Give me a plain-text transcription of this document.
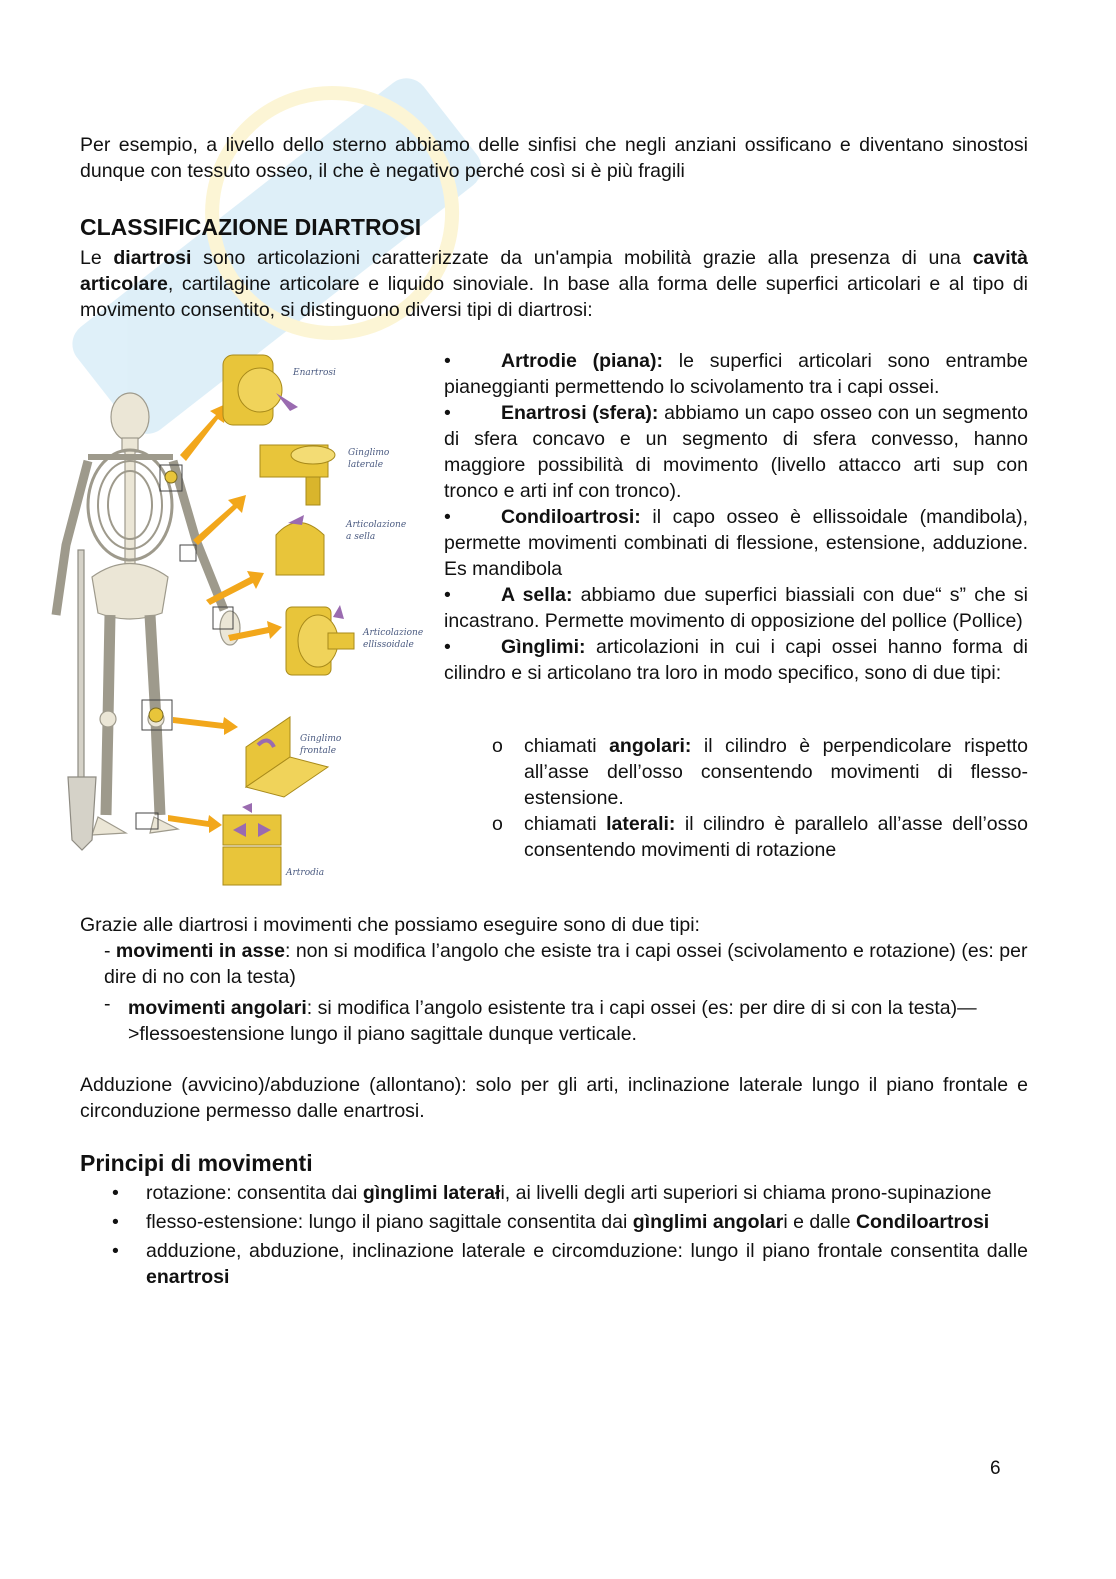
Per esempio, a livello dello sterno abbiamo delle sinfisi che negli anziani ossificano e diventano sinostosi dunque con tessuto osseo, il che è negativo perché così si è più fragili

CLASSIFICAZIONE DIARTROSI

Le diartrosi sono articolazioni caratterizzate da un'ampia mobilità grazie alla presenza di una cavità articolare, cartilagine articolare e liquido sinoviale. In base alla forma delle superfici articolari e al tipo di movimento consentito, si distinguono diversi tipi di diartrosi:

Enartrosi
Ginglimo
laterale
Articolazione
a sella
Articolazione
ellissoidale
Ginglimo
frontale
Artrodia
•	Artrodie (piana): le superfici articolari sono entrambe pianeggianti permettendo lo scivolamento tra i capi ossei.
•	Enartrosi (sfera): abbiamo un capo osseo con un segmento di sfera concavo e un segmento di sfera convesso, hanno maggiore possibilità di movimento (livello attacco arti sup con tronco e arti inf con tronco).
•	Condiloartrosi: il capo osseo è ellissoidale (mandibola), permette movimenti combinati di flessione, estensione, adduzione. Es mandibola
•	A sella: abbiamo due superfici biassiali con due“ s” che si incastrano. Permette movimento di opposizione del pollice (Pollice)
•	Gìnglimi: articolazioni in cui i capi ossei hanno forma di cilindro e si articolano tra loro in modo specifico, sono di due tipi:
o chiamati angolari: il cilindro è perpendicolare rispetto all’asse dell’osso consentendo movimenti di flesso-estensione.
o chiamati laterali: il cilindro è parallelo all’asse dell’osso consentendo movimenti di rotazione

Grazie alle diartrosi i movimenti che possiamo eseguire sono di due tipi:

- movimenti in asse: non si modifica l’angolo che esiste tra i capi ossei (scivolamento e rotazione) (es: per dire di no con la testa)

- movimenti angolari: si modifica l’angolo esistente tra i capi ossei (es: per dire di si con la testa)—>flessoestensione lungo il piano sagittale dunque verticale.

Adduzione (avvicino)/abduzione (allontano): solo per gli arti, inclinazione laterale lungo il piano frontale e circonduzione permesso dalle enartrosi.

Principi di movimenti
• rotazione: consentita dai gìnglimi laterałi, ai livelli degli arti superiori si chiama prono-supinazione
• flesso-estensione: lungo il piano sagittale consentita dai gìnglimi angolari e dalle Condiloartrosi
• adduzione, abduzione, inclinazione laterale e circomduzione: lungo il piano frontale consentita dalle enartrosi
6
